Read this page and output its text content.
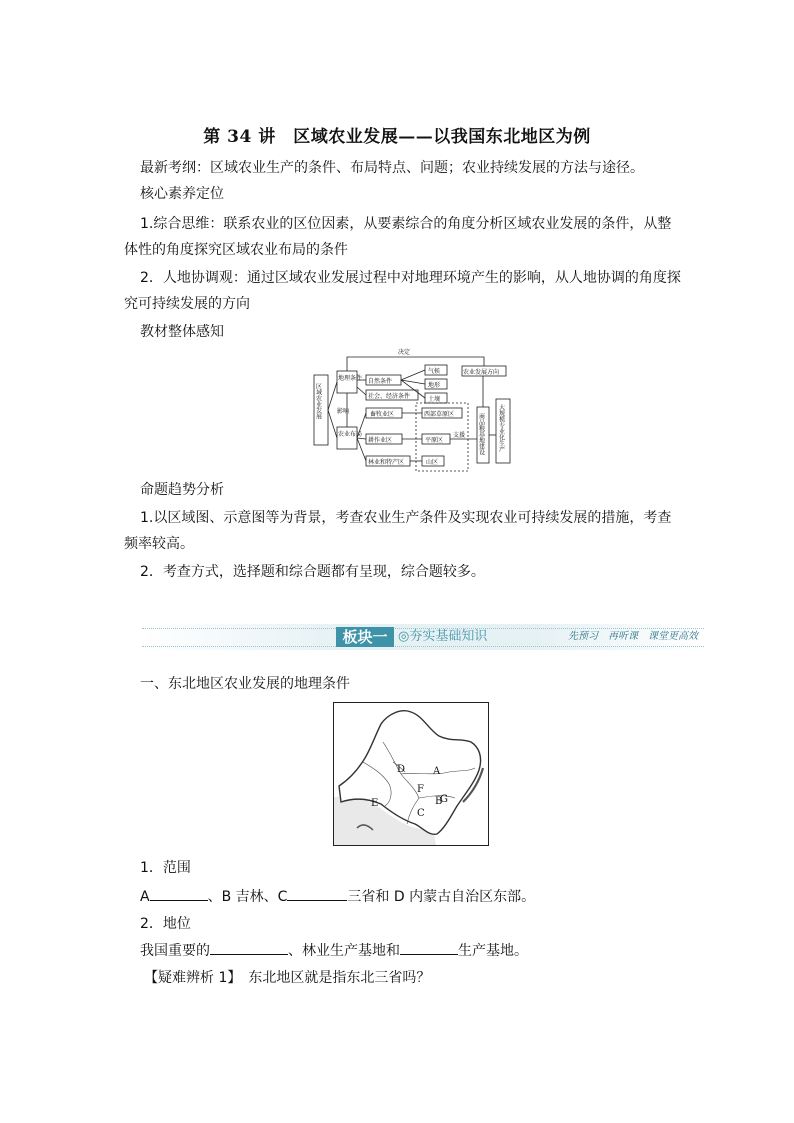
第 34 讲　区域农业发展——以我国东北地区为例
最新考纲：区域农业生产的条件、布局特点、问题；农业持续发展的方法与途径。
核心素养定位
1.综合思维：联系农业的区位因素，从要素综合的角度分析区域农业发展的条件，从整
体性的角度探究区域农业布局的条件
2．人地协调观：通过区域农业发展过程中对地理环境产生的影响，从人地协调的角度探
究可持续发展的方向
教材整体感知
决定
地理条件
影响
农业布局
自然条件
社会、经济条件
气候
地形
土壤
农业发展方向
畜牧业区
耕作业区
林业和特产区
西部草原区
平原区
山区
支援
区域农业发展
商品粮基地建设 大规模专业化生产
命题趋势分析
1.以区域图、示意图等为背景，考查农业生产条件及实现农业可持续发展的措施，考查
频率较高。
2．考查方式，选择题和综合题都有呈现，综合题较多。
板块一 ◎夯实基础知识	先预习　再听课　课堂更高效
一、东北地区农业发展的地理条件
A
B
C
D
E
F
G
1．范围
A	、B 吉林、C	三省和 D 内蒙古自治区东部。
2．地位
我国重要的	、林业生产基地和	生产基地。
【疑难辨析 1】　东北地区就是指东北三省吗？
